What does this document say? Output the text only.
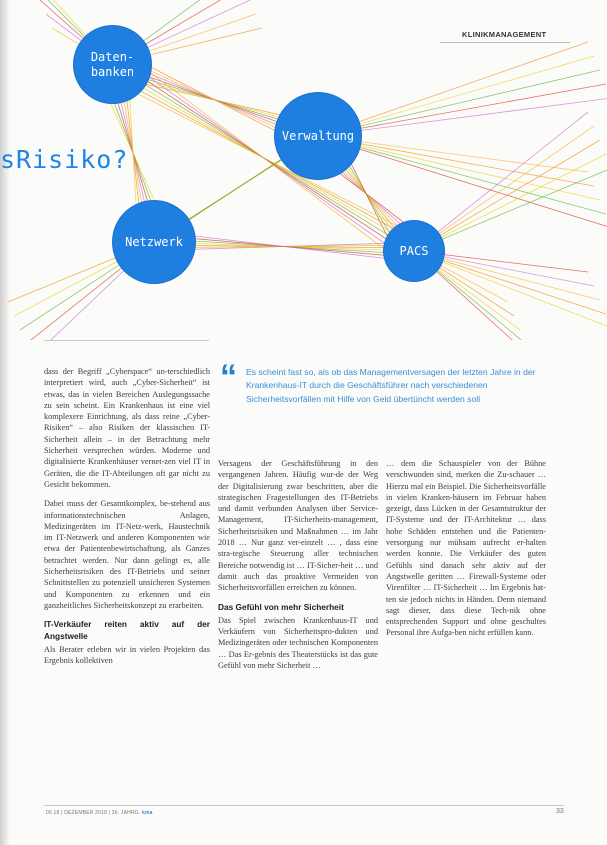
KLINIKMANAGEMENT
Daten-
banken
Verwaltung
Netzwerk
PACS
sRisiko?
“ Es scheint fast so, als ob das Managementversagen der letzten Jahre in der Krankenhaus-IT durch die Geschäftsführer nach verschiedenen Sicherheitsvorfällen mit Hilfe von Geld übertüncht werden soll

dass der Begriff „Cyberspace“ un-terschiedlich interpretiert wird, auch „Cyber-Sicherheit“ ist etwas, das in vielen Bereichen Auslegungssache zu sein scheint. Ein Krankenhaus ist eine viel komplexere Einrichtung, als dass reine „Cyber-Risiken“ – also Risiken der klassischen IT-Sicherheit allein – in der Betrachtung mehr Sicherheit versprechen würden. Moderne und digitalisierte Krankenhäuser vernet-zen viel IT in Geräten, die die IT-Abteilungen oft gar nicht zu Gesicht bekommen.

Dabei muss der Gesamtkomplex, be-stehend aus informationstechnischen Anlagen, Medizingeräten im IT-Netz-werk, Haustechnik im IT-Netzwerk und anderen Komponenten wie etwa der Patientenbewirtschaftung, als Ganzes betrachtet werden. Nur dann gelingt es, alle Sicherheitsrisiken des IT-Betriebs und seiner Schnittstellen zu potenziell unsicheren Systemen und Komponenten zu erkennen und ein ganzheitliches Sicherheitskonzept zu erarbeiten.

IT-Verkäufer reiten aktiv auf der Angstwelle

Als Berater erleben wir in vielen Projekten das Ergebnis kollektiven

Versagens der Geschäftsführung in den vergangenen Jahren. Häufig wur-de der Weg der Digitalisierung zwar beschritten, aber die strategischen Fragestellungen des IT-Betriebs und damit verbunden Analysen über Service-Management, IT-Sicherheits-management, Sicherheitsrisiken und Maßnahmen … im Jahr 2018 … Nur ganz ver-einzelt … , dass eine stra-tegische Steuerung aller technischen Bereiche notwendig ist … IT-Sicher-heit … und damit auch das proaktive Vermeiden von Sicherheitsvorfällen erreichen zu können.

Das Gefühl von mehr Sicherheit

Das Spiel zwischen Krankenhaus-IT und Verkäufern von Sicherheitspro-dukten und Medizingeräten oder technischen Komponenten … Das Er-gebnis des Theaterstücks ist das gute Gefühl von mehr Sicherheit …

… dem die Schauspieler von der Bühne verschwunden sind, merken die Zu-schauer … Hierzu mal ein Beispiel. Die Sicherheitsvorfälle in vielen Kranken-häusern im Februar haben gezeigt, dass Lücken in der Gesamtstruktur der IT-Systeme und der IT-Architektur … dass hohe Schäden entstehen und die Patienten-versorgung nur mühsam aufrecht er-halten werden konnte. Die Verkäufer des guten Gefühls sind danach sehr aktiv auf der Angstwelle geritten … Firewall-Systeme oder Virenfilter … IT-Sicherheit … Im Ergebnis hat-ten sie jedoch nichts in Händen. Denn niemand sagt dieser, dass diese Tech-nik ohne entsprechenden Support und ohne geschultes Personal ihre Aufga-ben nicht erfüllen kann.

06.18 | DEZEMBER 2018 | 36. JAHRG. kma	33
